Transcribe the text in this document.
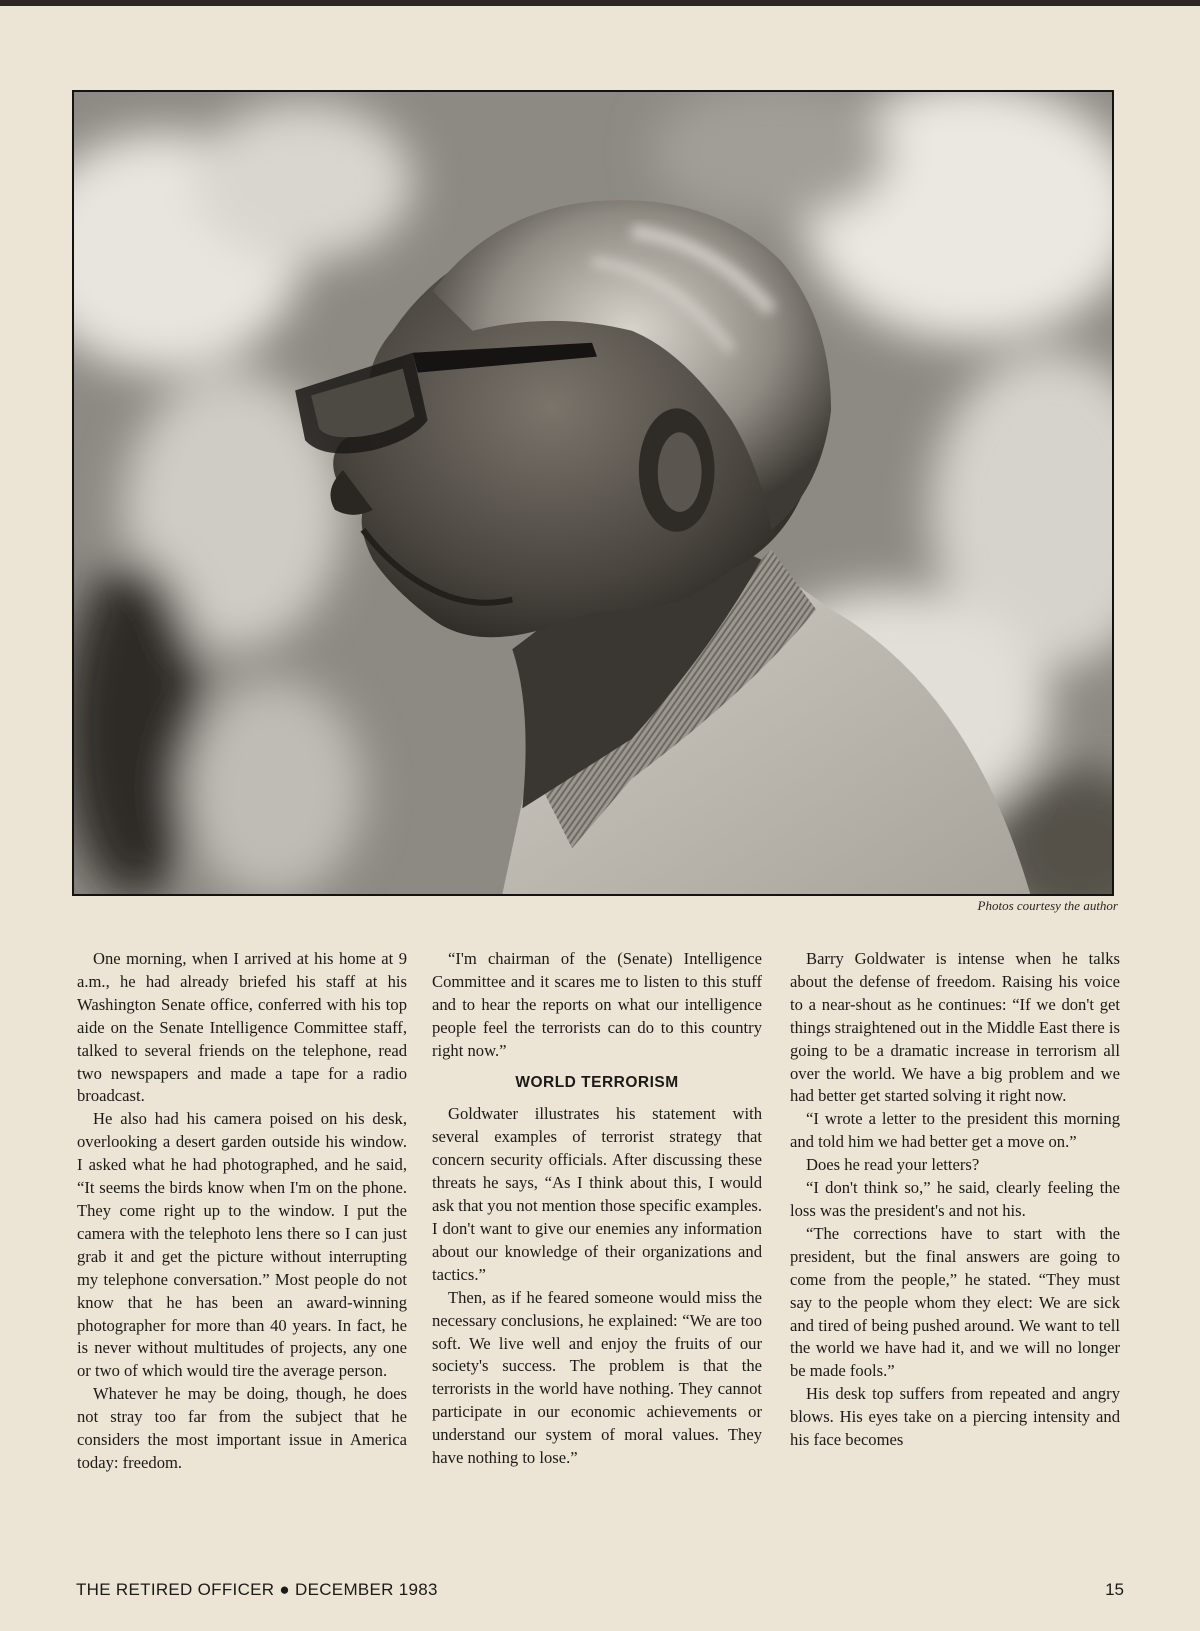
Photos courtesy the author

One morning, when I arrived at his home at 9 a.m., he had already briefed his staff at his Washington Senate office, conferred with his top aide on the Senate Intelligence Committee staff, talked to several friends on the telephone, read two newspapers and made a tape for a radio broadcast.

He also had his camera poised on his desk, overlooking a desert garden outside his window. I asked what he had photographed, and he said, “It seems the birds know when I'm on the phone. They come right up to the window. I put the camera with the telephoto lens there so I can just grab it and get the picture without interrupting my telephone conversation.” Most people do not know that he has been an award-winning photographer for more than 40 years. In fact, he is never without multitudes of projects, any one or two of which would tire the average person.

Whatever he may be doing, though, he does not stray too far from the subject that he considers the most important issue in America today: freedom.

“I'm chairman of the (Senate) Intelligence Committee and it scares me to listen to this stuff and to hear the reports on what our intelligence people feel the terrorists can do to this country right now.”

WORLD TERRORISM

Goldwater illustrates his statement with several examples of terrorist strategy that concern security officials. After discussing these threats he says, “As I think about this, I would ask that you not mention those specific examples. I don't want to give our enemies any information about our knowledge of their organizations and tactics.”

Then, as if he feared someone would miss the necessary conclusions, he explained: “We are too soft. We live well and enjoy the fruits of our society's success. The problem is that the terrorists in the world have nothing. They cannot participate in our economic achievements or understand our system of moral values. They have nothing to lose.”

Barry Goldwater is intense when he talks about the defense of freedom. Raising his voice to a near-shout as he continues: “If we don't get things straightened out in the Middle East there is going to be a dramatic increase in terrorism all over the world. We have a big problem and we had better get started solving it right now.

“I wrote a letter to the president this morning and told him we had better get a move on.”

Does he read your letters?

“I don't think so,” he said, clearly feeling the loss was the president's and not his.

“The corrections have to start with the president, but the final answers are going to come from the people,” he stated. “They must say to the people whom they elect: We are sick and tired of being pushed around. We want to tell the world we have had it, and we will no longer be made fools.”

His desk top suffers from repeated and angry blows. His eyes take on a piercing intensity and his face becomes

THE RETIRED OFFICER ● DECEMBER 1983	15
